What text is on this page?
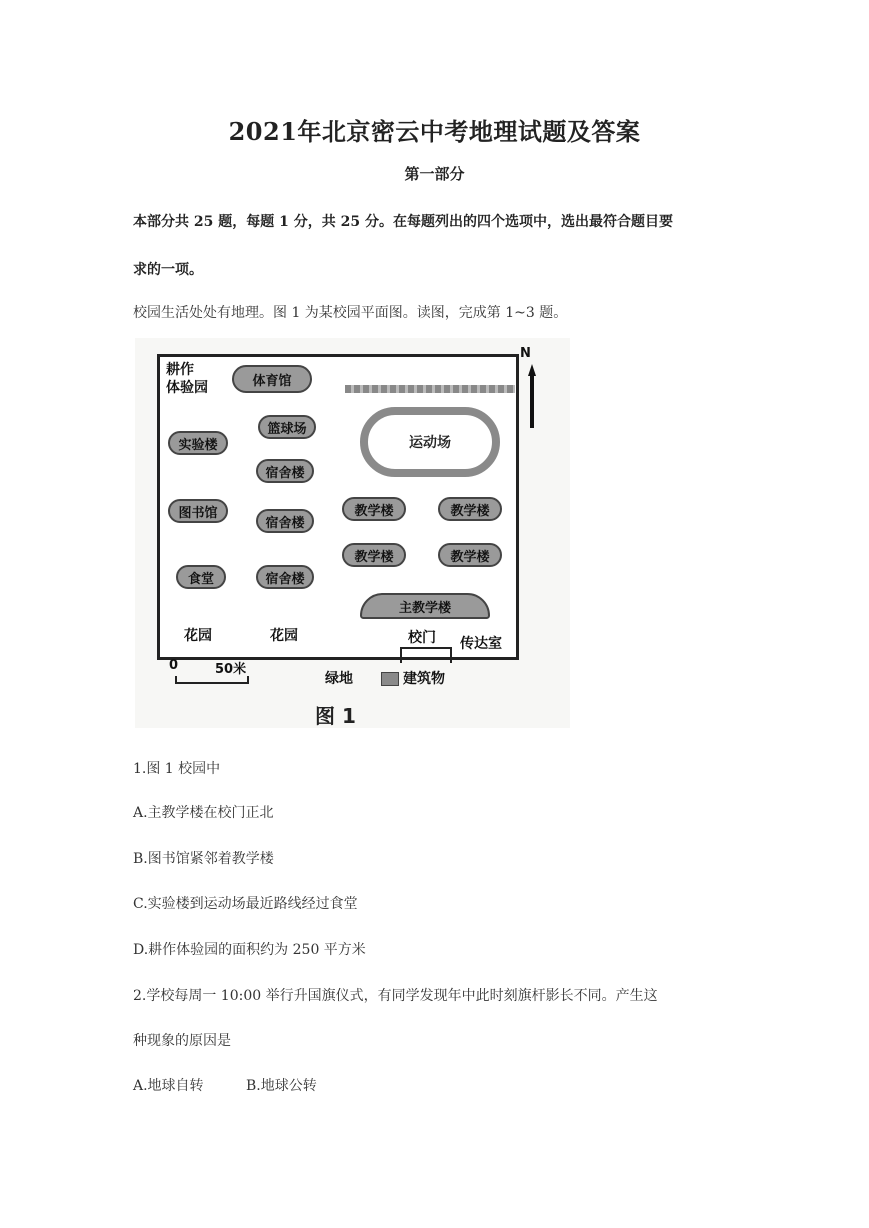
2021年北京密云中考地理试题及答案
第一部分
本部分共 25 题，每题 1 分，共 25 分。在每题列出的四个选项中，选出最符合题目要
求的一项。
校园生活处处有地理。图 1 为某校园平面图。读图，完成第 1~3 题。
耕作
体验园	体育馆
篮球场
运动场
实验楼
宿舍楼
图书馆
宿舍楼
教学楼	教学楼
教学楼	教学楼
食堂	宿舍楼
主教学楼
花园	花园	校门 传达室
N
0	50米
绿地	建筑物
图 1
1.图 1 校园中
A.主教学楼在校门正北
B.图书馆紧邻着教学楼
C.实验楼到运动场最近路线经过食堂
D.耕作体验园的面积约为 250 平方米
2.学校每周一 10:00 举行升国旗仪式，有同学发现年中此时刻旗杆影长不同。产生这
种现象的原因是
A.地球自转	B.地球公转
